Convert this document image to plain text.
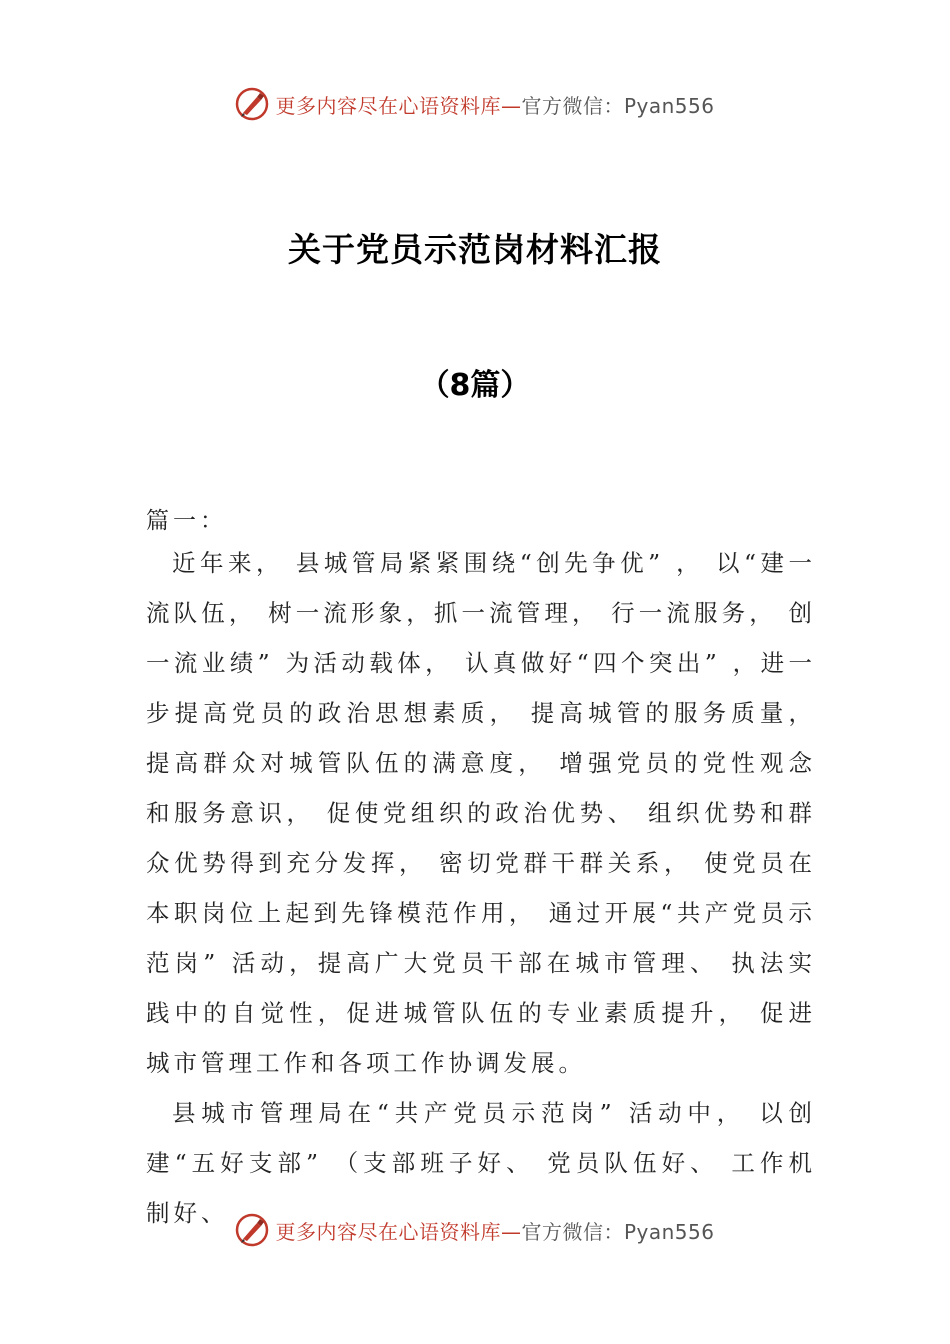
更多内容尽在心语资料库—官方微信：Pyan556
关于党员示范岗材料汇报
（8篇）
篇一：

近年来， 县城管局紧紧围绕“创先争优” ， 以“建一流队伍， 树一流形象，抓一流管理， 行一流服务， 创一流业绩” 为活动载体， 认真做好“四个突出” ，进一步提高党员的政治思想素质， 提高城管的服务质量， 提高群众对城管队伍的满意度， 增强党员的党性观念和服务意识， 促使党组织的政治优势、 组织优势和群众优势得到充分发挥， 密切党群干群关系， 使党员在本职岗位上起到先锋模范作用， 通过开展“共产党员示范岗” 活动，提高广大党员干部在城市管理、 执法实践中的自觉性，促进城管队伍的专业素质提升， 促进城市管理工作和各项工作协调发展。

县城市管理局在“共产党员示范岗” 活动中， 以创建“五好支部” （支部班子好、 党员队伍好、 工作机制好、

更多内容尽在心语资料库—官方微信：Pyan556
